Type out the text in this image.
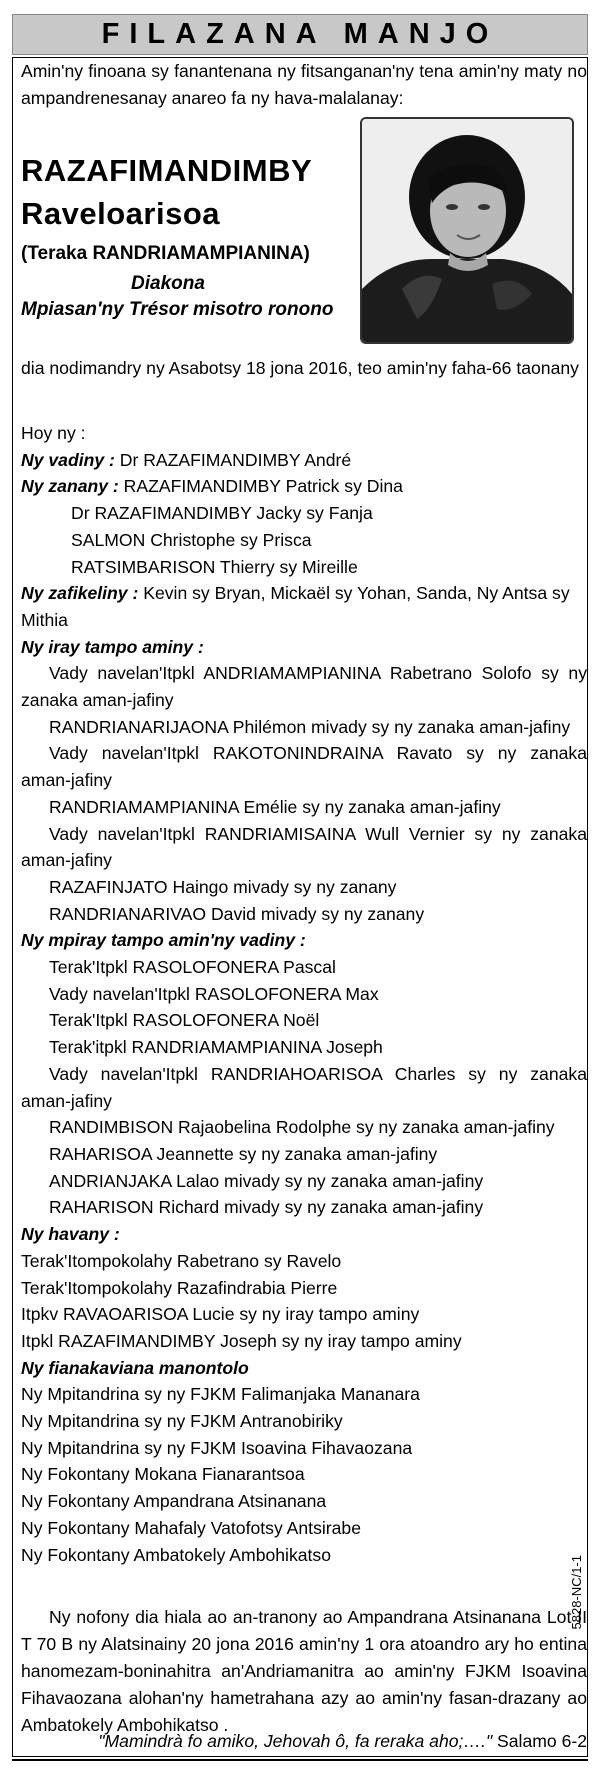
FILAZANA MANJO
Amin'ny finoana sy fanantenana ny fitsanganan'ny tena amin'ny maty no ampandrenesanay anareo fa ny hava-malalanay:
RAZAFIMANDIMBY
Raveloarisoa
(Teraka RANDRIAMAMPIANINA)
Diakona
Mpiasan'ny Trésor misotro ronono
dia nodimandry ny Asabotsy 18 jona 2016, teo amin'ny faha-66 taonany

Hoy ny :

Ny vadiny : Dr RAZAFIMANDIMBY André

Ny zanany : RAZAFIMANDIMBY Patrick sy Dina

Dr RAZAFIMANDIMBY Jacky sy Fanja

SALMON Christophe sy Prisca

RATSIMBARISON Thierry sy Mireille

Ny zafikeliny : Kevin sy Bryan, Mickaël sy Yohan, Sanda, Ny Antsa sy Mithia

Ny iray tampo aminy :

Vady navelan'Itpkl ANDRIAMAMPIANINA Rabetrano Solofo sy ny zanaka aman-jafiny

RANDRIANARIJAONA Philémon mivady sy ny zanaka aman-jafiny

Vady navelan'Itpkl RAKOTONINDRAINA Ravato sy ny zanaka aman-jafiny

RANDRIAMAMPIANINA Emélie sy ny zanaka aman-jafiny

Vady navelan'Itpkl RANDRIAMISAINA Wull Vernier sy ny zanaka aman-jafiny

RAZAFINJATO Haingo mivady sy ny zanany

RANDRIANARIVAO David mivady sy ny zanany

Ny mpiray tampo amin'ny vadiny :

Terak'Itpkl RASOLOFONERA Pascal

Vady navelan'Itpkl RASOLOFONERA Max

Terak'Itpkl RASOLOFONERA Noël

Terak'itpkl RANDRIAMAMPIANINA Joseph

Vady navelan'Itpkl RANDRIAHOARISOA Charles sy ny zanaka aman-jafiny

RANDIMBISON Rajaobelina Rodolphe sy ny zanaka aman-jafiny

RAHARISOA Jeannette sy ny zanaka aman-jafiny

ANDRIANJAKA Lalao mivady sy ny zanaka aman-jafiny

RAHARISON Richard mivady sy ny zanaka aman-jafiny

Ny havany :

Terak'Itompokolahy Rabetrano sy Ravelo

Terak'Itompokolahy Razafindrabia Pierre

Itpkv RAVAOARISOA Lucie sy ny iray tampo aminy

Itpkl RAZAFIMANDIMBY Joseph sy ny iray tampo aminy

Ny fianakaviana manontolo

Ny Mpitandrina sy ny FJKM Falimanjaka Mananara

Ny Mpitandrina sy ny FJKM Antranobiriky

Ny Mpitandrina sy ny FJKM Isoavina Fihavaozana

Ny Fokontany Mokana Fianarantsoa

Ny Fokontany Ampandrana Atsinanana

Ny Fokontany Mahafaly Vatofotsy Antsirabe

Ny Fokontany Ambatokely Ambohikatso

5828-NC/1-1
Ny nofony dia hiala ao an-tranony ao Ampandrana Atsinanana Lot II T 70 B ny Alatsinainy 20 jona 2016 amin'ny 1 ora atoandro ary ho entina hanomezam-boninahitra an'Andriamanitra ao amin'ny FJKM Isoavina Fihavaozana alohan'ny hametrahana azy ao amin'ny fasan-drazany ao Ambatokely Ambohikatso .
"Mamindrà fo amiko, Jehovah ô, fa reraka aho;…." Salamo 6-2
